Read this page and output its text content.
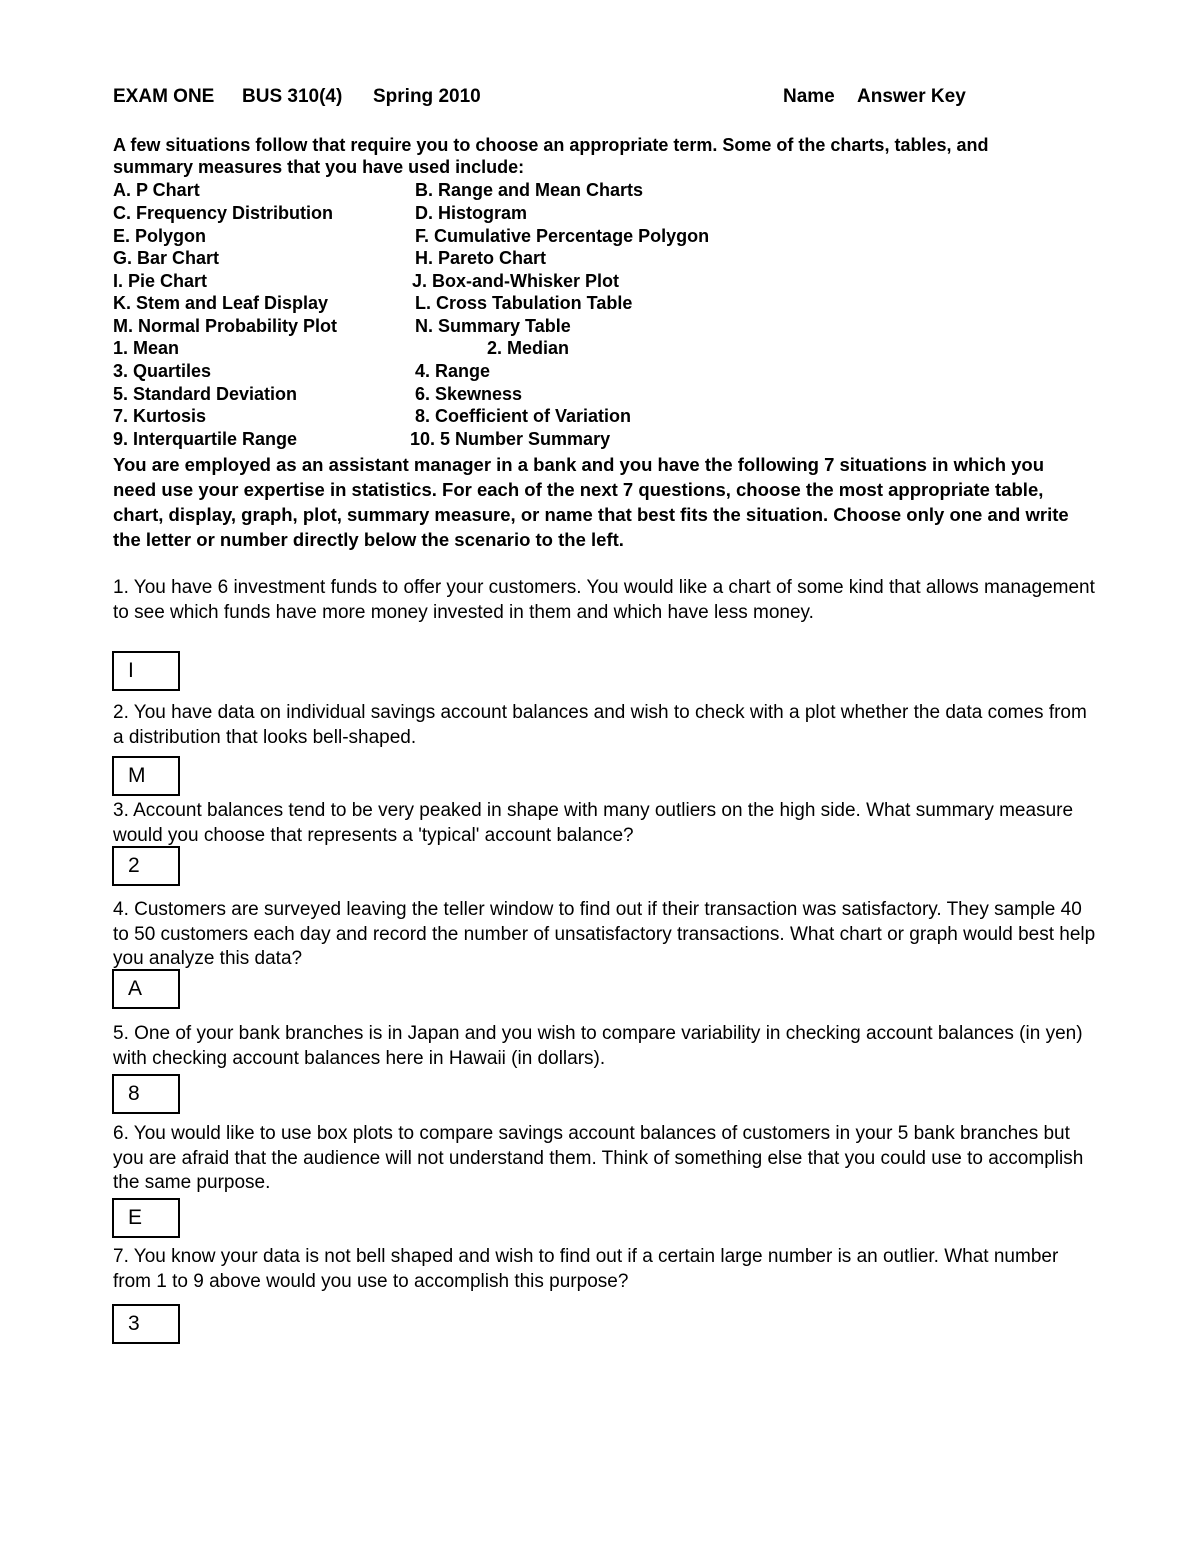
EXAM ONE BUS 310(4) Spring 2010	Name Answer Key
A few situations follow that require you to choose an appropriate term. Some of the charts, tables, and summary measures that you have used include:
A. P Chart
C. Frequency Distribution
E. Polygon
G. Bar Chart
I. Pie Chart
K. Stem and Leaf Display
M. Normal Probability Plot
1. Mean
3. Quartiles
5. Standard Deviation
7. Kurtosis
9. Interquartile Range
B. Range and Mean Charts
D. Histogram
F. Cumulative Percentage Polygon
H. Pareto Chart
J. Box-and-Whisker Plot
L. Cross Tabulation Table
N. Summary Table
2. Median
4. Range
6. Skewness
8. Coefficient of Variation
10. 5 Number Summary
You are employed as an assistant manager in a bank and you have the following 7 situations in which you need use your expertise in statistics. For each of the next 7 questions, choose the most appropriate table, chart, display, graph, plot, summary measure, or name that best fits the situation. Choose only one and write the letter or number directly below the scenario to the left.
1. You have 6 investment funds to offer your customers. You would like a chart of some kind that allows management to see which funds have more money invested in them and which have less money.
I
2. You have data on individual savings account balances and wish to check with a plot whether the data comes from a distribution that looks bell-shaped.
M
3. Account balances tend to be very peaked in shape with many outliers on the high side. What summary measure would you choose that represents a 'typical' account balance?
2
4. Customers are surveyed leaving the teller window to find out if their transaction was satisfactory. They sample 40 to 50 customers each day and record the number of unsatisfactory transactions. What chart or graph would best help you analyze this data?
A
5. One of your bank branches is in Japan and you wish to compare variability in checking account balances (in yen) with checking account balances here in Hawaii (in dollars).
8
6. You would like to use box plots to compare savings account balances of customers in your 5 bank branches but you are afraid that the audience will not understand them. Think of something else that you could use to accomplish the same purpose.
E
7. You know your data is not bell shaped and wish to find out if a certain large number is an outlier. What number from 1 to 9 above would you use to accomplish this purpose?
3
